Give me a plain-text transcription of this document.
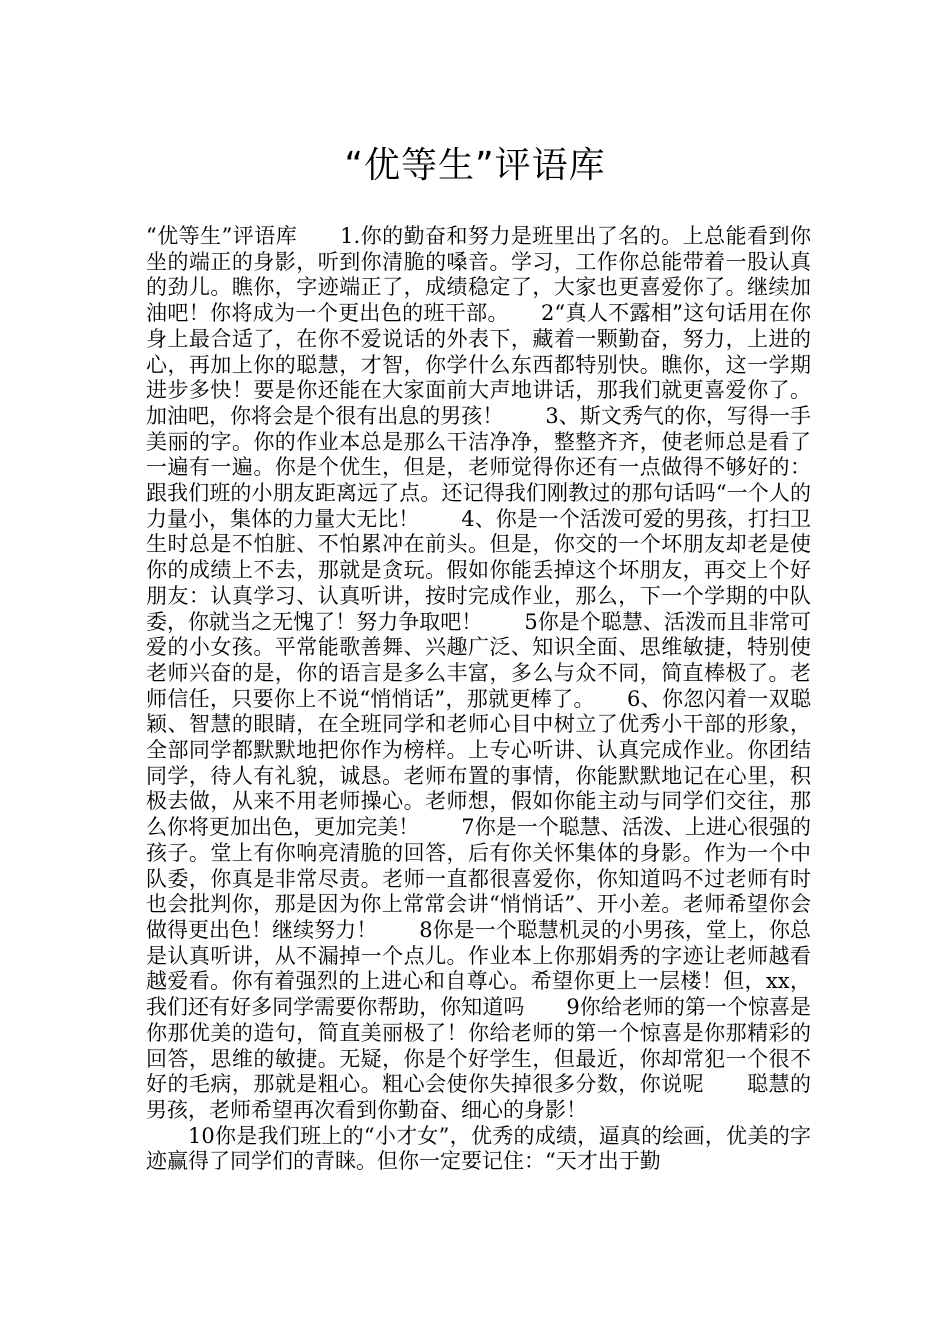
“优等生”评语库

“优等生”评语库　　1.你的勤奋和努力是班里出了名的。上总能看到你坐的端正的身影，听到你清脆的嗓音。学习，工作你总能带着一股认真的劲儿。瞧你，字迹端正了，成绩稳定了，大家也更喜爱你了。继续加油吧！你将成为一个更出色的班干部。　　2“真人不露相”这句话用在你身上最合适了，在你不爱说话的外表下，藏着一颗勤奋，努力，上进的心，再加上你的聪慧，才智，你学什么东西都特别快。瞧你，这一学期进步多快！要是你还能在大家面前大声地讲话，那我们就更喜爱你了。加油吧，你将会是个很有出息的男孩！　　3、斯文秀气的你，写得一手美丽的字。你的作业本总是那么干洁净净，整整齐齐，使老师总是看了一遍有一遍。你是个优生，但是，老师觉得你还有一点做得不够好的：跟我们班的小朋友距离远了点。还记得我们刚教过的那句话吗“一个人的力量小，集体的力量大无比！　　4、你是一个活泼可爱的男孩，打扫卫生时总是不怕脏、不怕累冲在前头。但是，你交的一个坏朋友却老是使你的成绩上不去，那就是贪玩。假如你能丢掉这个坏朋友，再交上个好朋友：认真学习、认真听讲，按时完成作业，那么，下一个学期的中队委，你就当之无愧了！努力争取吧！　　5你是个聪慧、活泼而且非常可爱的小女孩。平常能歌善舞、兴趣广泛、知识全面、思维敏捷，特别使老师兴奋的是，你的语言是多么丰富，多么与众不同，简直棒极了。老师信任，只要你上不说“悄悄话”，那就更棒了。　　6、你忽闪着一双聪颖、智慧的眼睛，在全班同学和老师心目中树立了优秀小干部的形象，全部同学都默默地把你作为榜样。上专心听讲、认真完成作业。你团结同学，待人有礼貌，诚恳。老师布置的事情，你能默默地记在心里，积极去做，从来不用老师操心。老师想，假如你能主动与同学们交往，那么你将更加出色，更加完美！　　7你是一个聪慧、活泼、上进心很强的孩子。堂上有你响亮清脆的回答，后有你关怀集体的身影。作为一个中队委，你真是非常尽责。老师一直都很喜爱你，你知道吗不过老师有时也会批判你，那是因为你上常常会讲“悄悄话”、开小差。老师希望你会做得更出色！继续努力！　　8你是一个聪慧机灵的小男孩，堂上，你总是认真听讲，从不漏掉一个点儿。作业本上你那娟秀的字迹让老师越看越爱看。你有着强烈的上进心和自尊心。希望你更上一层楼！但，xx，我们还有好多同学需要你帮助，你知道吗　　9你给老师的第一个惊喜是你那优美的造句，简直美丽极了！你给老师的第一个惊喜是你那精彩的回答，思维的敏捷。无疑，你是个好学生，但最近，你却常犯一个很不好的毛病，那就是粗心。粗心会使你失掉很多分数，你说呢　　聪慧的男孩，老师希望再次看到你勤奋、细心的身影！

10你是我们班上的“小才女”，优秀的成绩，逼真的绘画，优美的字迹赢得了同学们的青睐。但你一定要记住：“天才出于勤
